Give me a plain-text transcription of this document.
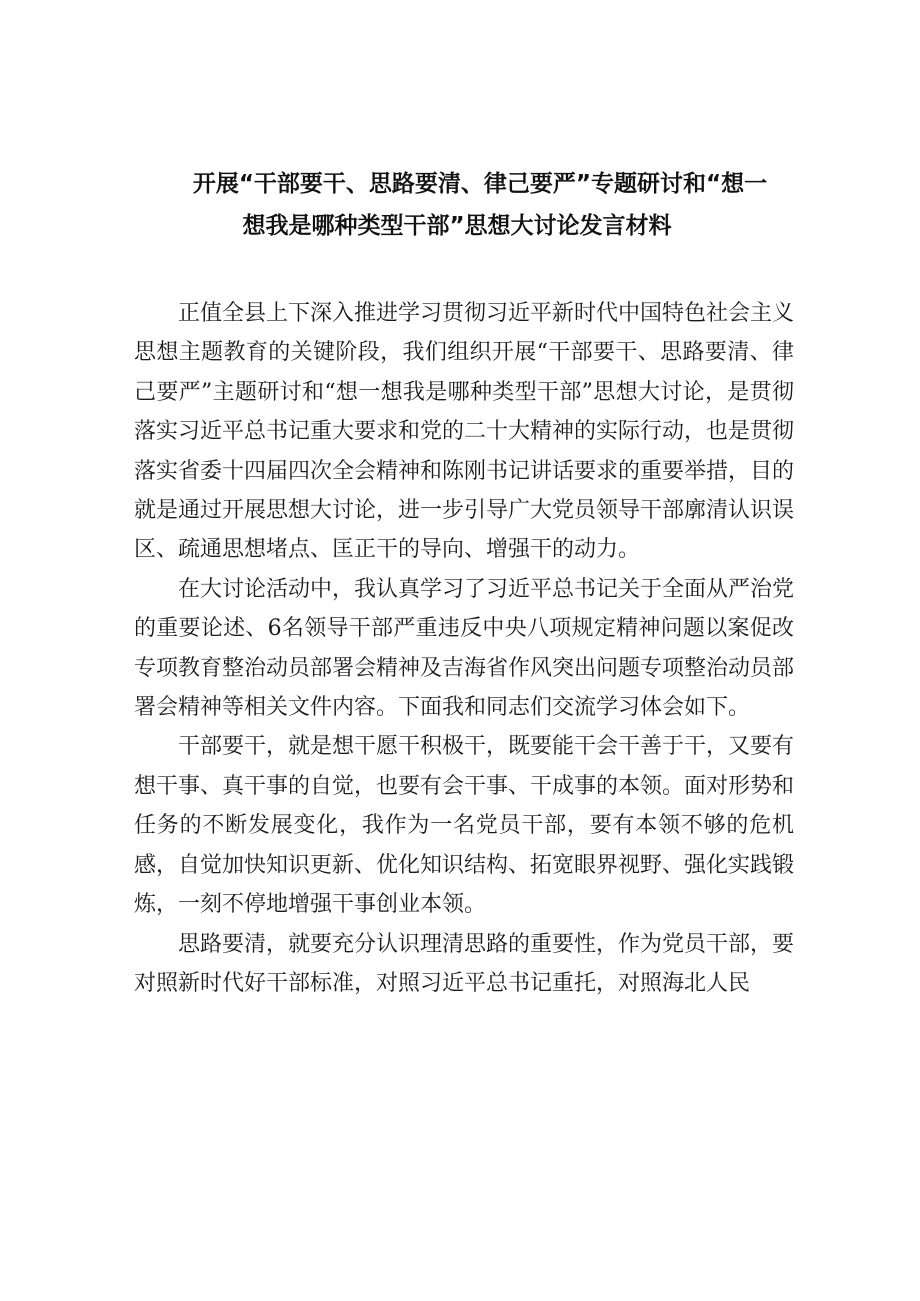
开展“干部要干、思路要清、律己要严”专题研讨和“想一
想我是哪种类型干部”思想大讨论发言材料

正值全县上下深入推进学习贯彻习近平新时代中国特色社会主义思想主题教育的关键阶段，我们组织开展“干部要干、思路要清、律己要严”主题研讨和“想一想我是哪种类型干部”思想大讨论，是贯彻落实习近平总书记重大要求和党的二十大精神的实际行动，也是贯彻落实省委十四届四次全会精神和陈刚书记讲话要求的重要举措，目的就是通过开展思想大讨论，进一步引导广大党员领导干部廓清认识误区、疏通思想堵点、匡正干的导向、增强干的动力。

在大讨论活动中，我认真学习了习近平总书记关于全面从严治党的重要论述、6名领导干部严重违反中央八项规定精神问题以案促改专项教育整治动员部署会精神及吉海省作风突出问题专项整治动员部署会精神等相关文件内容。下面我和同志们交流学习体会如下。

干部要干，就是想干愿干积极干，既要能干会干善于干，又要有想干事、真干事的自觉，也要有会干事、干成事的本领。面对形势和任务的不断发展变化，我作为一名党员干部，要有本领不够的危机感，自觉加快知识更新、优化知识结构、拓宽眼界视野、强化实践锻炼，一刻不停地增强干事创业本领。

思路要清，就要充分认识理清思路的重要性，作为党员干部，要对照新时代好干部标准，对照习近平总书记重托，对照海北人民
